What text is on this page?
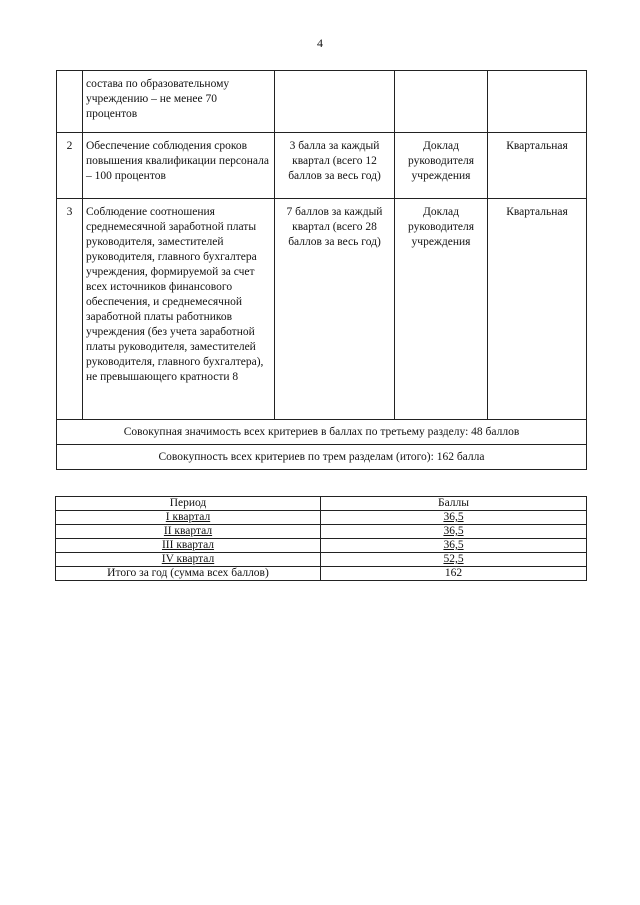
4
	состава по образовательному учреждению – не менее 70 процентов			
2	Обеспечение соблюдения сроков повышения квалификации персонала – 100 процентов	3 балла за каждый квартал (всего 12 баллов за весь год)	Доклад руководителя учреждения	Квартальная
3	Соблюдение соотношения среднемесячной заработной платы руководителя, заместителей руководителя, главного бухгалтера учреждения, формируемой за счет всех источников финансового обеспечения, и среднемесячной заработной платы работников учреждения (без учета заработной платы руководителя, заместителей руководителя, главного бухгалтера), не превышающего кратности 8	7 баллов за каждый квартал (всего 28 баллов за весь год)	Доклад руководителя учреждения	Квартальная
Совокупная значимость всех критериев в баллах по третьему разделу: 48 баллов				
Совокупность всех критериев по трем разделам (итого): 162 балла				
Период	Баллы
I квартал	36,5
II квартал	36,5
III квартал	36,5
IV квартал	52,5
Итого за год (сумма всех баллов)	162
